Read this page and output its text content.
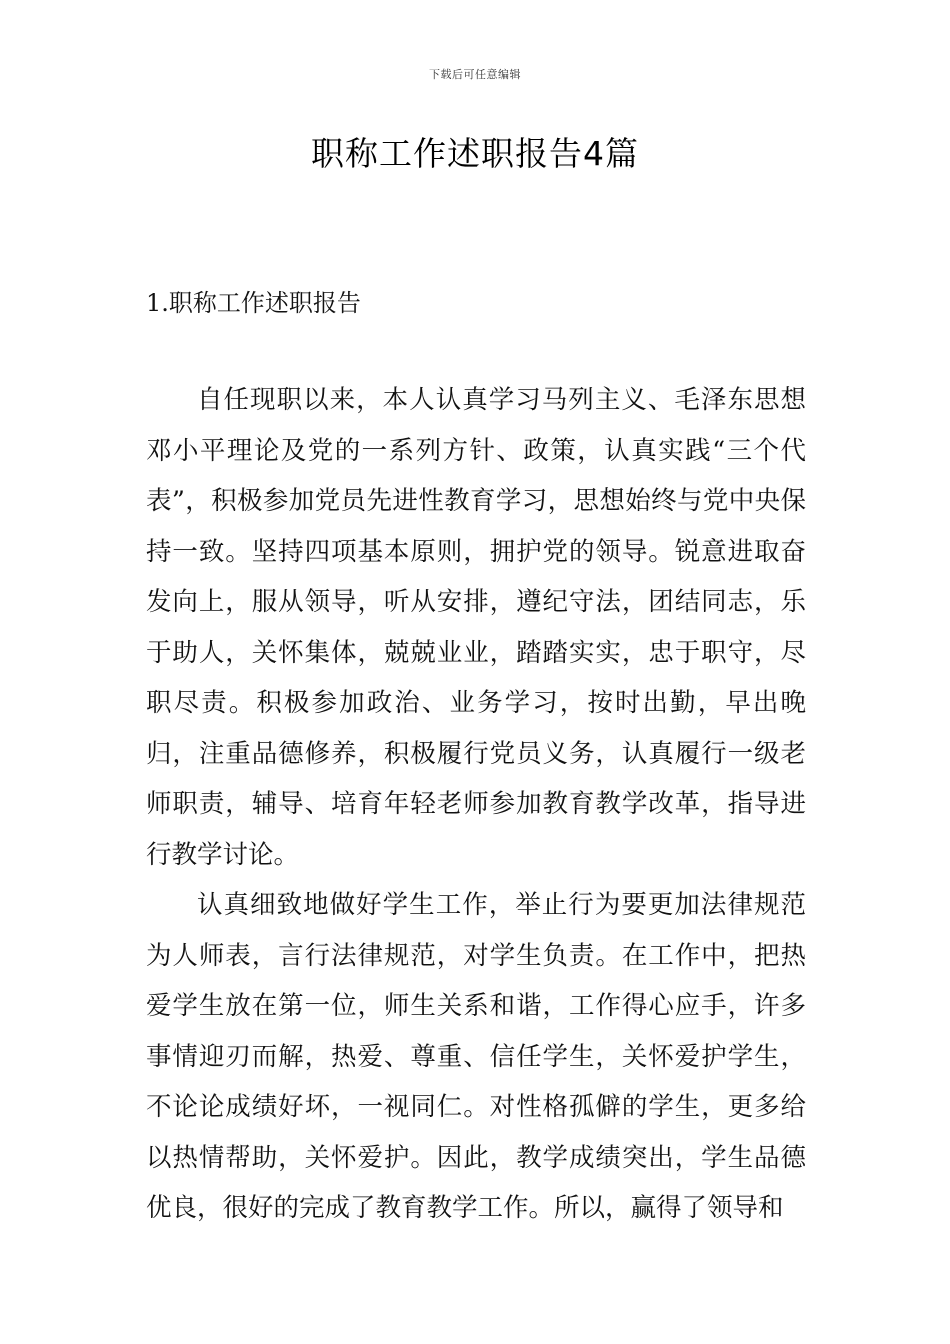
下载后可任意编辑
职称工作述职报告4篇
1.职称工作述职报告

自任现职以来，本人认真学习马列主义、毛泽东思想邓小平理论及党的一系列方针、政策，认真实践“三个代表”，积极参加党员先进性教育学习，思想始终与党中央保持一致。坚持四项基本原则，拥护党的领导。锐意进取奋发向上，服从领导，听从安排，遵纪守法，团结同志，乐于助人，关怀集体，兢兢业业，踏踏实实，忠于职守，尽职尽责。积极参加政治、业务学习，按时出勤，早出晚归，注重品德修养，积极履行党员义务，认真履行一级老师职责，辅导、培育年轻老师参加教育教学改革，指导进行教学讨论。

认真细致地做好学生工作，举止行为要更加法律规范为人师表，言行法律规范，对学生负责。在工作中，把热爱学生放在第一位，师生关系和谐，工作得心应手，许多事情迎刃而解，热爱、尊重、信任学生，关怀爱护学生，不论论成绩好坏，一视同仁。对性格孤僻的学生，更多给以热情帮助，关怀爱护。因此，教学成绩突出，学生品德优良，很好的完成了教育教学工作。所以，赢得了领导和
